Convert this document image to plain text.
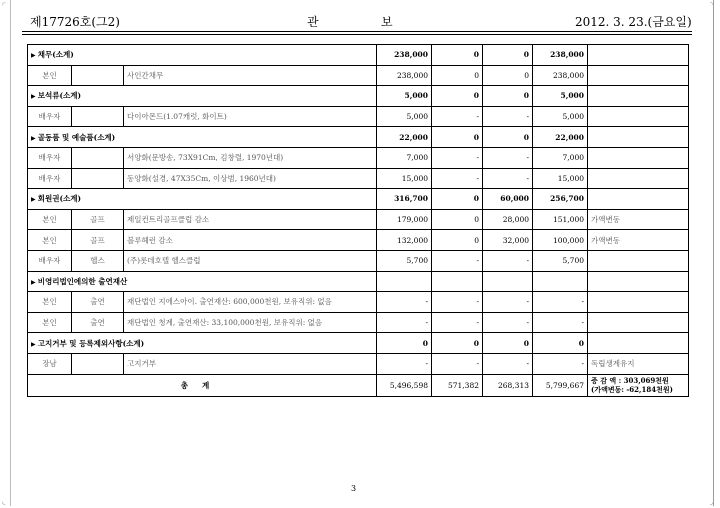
◜	◝
◟	◞
제17726호(그2)	관	보	2012. 3. 23.(금요일)
▶ 채무(소계)			238,000	0	0	238,000	
본인		사인간채무	238,000	0	0	238,000	
▶ 보석류(소계)			5,000	0	0	5,000	
배우자		다이아몬드(1.07캐럿, 화이트)	5,000	-	-	5,000	
▶ 골동품 및 예술품(소계)			22,000	0	0	22,000	
배우자		서양화(문방송, 73X91Cm, 김창렬, 1970년대)	7,000	-	-	7,000	
배우자		동양화(설경, 47X35Cm, 이상범, 1960년대)	15,000	-	-	15,000	
▶ 회원권(소계)			316,700	0	60,000	256,700	
본인	골프	제일컨트리골프클럽 감소	179,000	0	28,000	151,000	가액변동
본인	골프	블루헤런 감소	132,000	0	32,000	100,000	가액변동
배우자	헬스	(주)롯데호텔 헬스클럽	5,700	-	-	5,700	
▶ 비영리법인에의한 출연재산							
본인	출연	재단법인 지에스아이. 출연재산: 600,000천원, 보유직위: 없음	-	-	-	-	
본인	출연	재단법인 청계, 출연재산: 33,100,000천원, 보유직위: 없음	-	-	-	-	
▶ 고지거부 및 등록제외사항(소계)			0	0	0	0	
장남		고지거부	-	-	-	-	독립생계유지
총계			5,496,598	571,382	268,313	5,799,667	증 감 액 : 303,069천원
(가액변동: -62,184천원)
3
